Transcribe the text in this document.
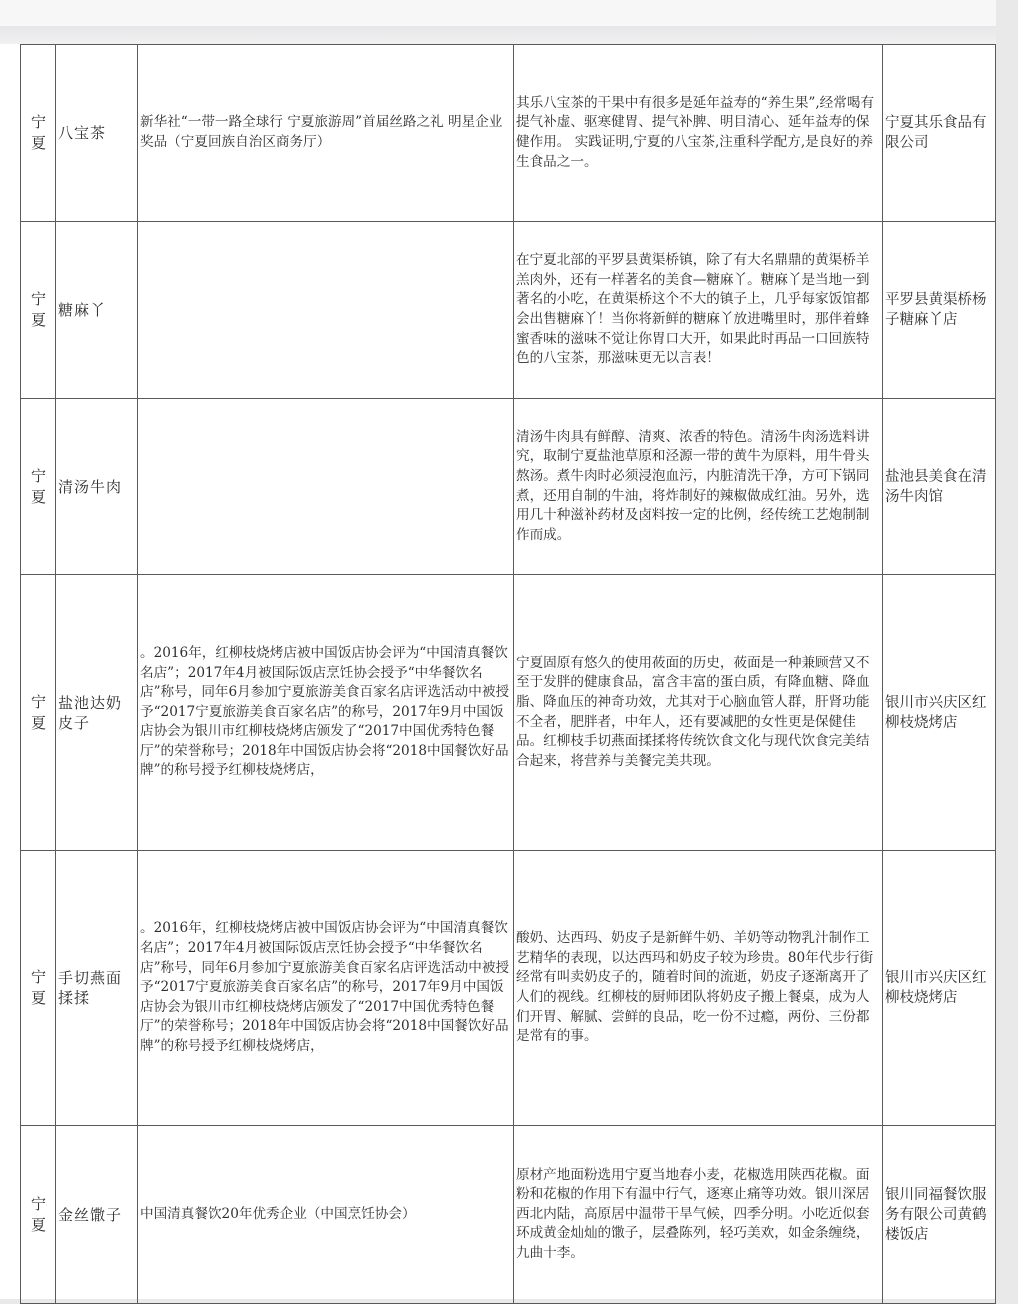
宁夏	八宝茶	新华社“一带一路全球行 宁夏旅游周”首届丝路之礼 明星企业奖品（宁夏回族自治区商务厅）	其乐八宝茶的干果中有很多是延年益寿的“养生果”,经常喝有提气补虚、驱寒健胃、提气补脾、明目清心、延年益寿的保健作用。 实践证明,宁夏的八宝茶,注重科学配方,是良好的养生食品之一。	宁夏其乐食品有限公司
宁夏	糖麻丫		在宁夏北部的平罗县黄渠桥镇，除了有大名鼎鼎的黄渠桥羊羔肉外，还有一样著名的美食—糖麻丫。糖麻丫是当地一到著名的小吃，在黄渠桥这个不大的镇子上，几乎每家饭馆都会出售糖麻丫！当你将新鲜的糖麻丫放进嘴里时，那伴着蜂蜜香味的滋味不觉让你胃口大开，如果此时再品一口回族特色的八宝茶，那滋味更无以言表！	平罗县黄渠桥杨子糖麻丫店
宁夏	清汤牛肉		清汤牛肉具有鲜醇、清爽、浓香的特色。清汤牛肉汤选料讲究，取制宁夏盐池草原和泾源一带的黄牛为原料，用牛骨头熬汤。煮牛肉时必须浸泡血污，内脏清洗干净，方可下锅同煮，还用自制的牛油，将炸制好的辣椒做成红油。另外，选用几十种滋补药材及卤料按一定的比例，经传统工艺炮制制作而成。	盐池县美食在清汤牛肉馆
宁夏	盐池达奶皮子	。2016年，红柳枝烧烤店被中国饭店协会评为“中国清真餐饮名店”；2017年4月被国际饭店烹饪协会授予“中华餐饮名店”称号，同年6月参加宁夏旅游美食百家名店评选活动中被授予“2017宁夏旅游美食百家名店”的称号，2017年9月中国饭店协会为银川市红柳枝烧烤店颁发了“2017中国优秀特色餐厅”的荣誉称号；2018年中国饭店协会将“2018中国餐饮好品牌”的称号授予红柳枝烧烤店，	宁夏固原有悠久的使用莜面的历史，莜面是一种兼顾营又不至于发胖的健康食品，富含丰富的蛋白质，有降血糖、降血脂、降血压的神奇功效，尤其对于心脑血管人群，肝肾功能不全者，肥胖者，中年人，还有要减肥的女性更是保健佳品。红柳枝手切燕面揉揉将传统饮食文化与现代饮食完美结合起来，将营养与美餐完美共现。	银川市兴庆区红柳枝烧烤店
宁夏	手切燕面揉揉	。2016年，红柳枝烧烤店被中国饭店协会评为“中国清真餐饮名店”；2017年4月被国际饭店烹饪协会授予“中华餐饮名店”称号，同年6月参加宁夏旅游美食百家名店评选活动中被授予“2017宁夏旅游美食百家名店”的称号，2017年9月中国饭店协会为银川市红柳枝烧烤店颁发了“2017中国优秀特色餐厅”的荣誉称号；2018年中国饭店协会将“2018中国餐饮好品牌”的称号授予红柳枝烧烤店，	酸奶、达西玛、奶皮子是新鲜牛奶、羊奶等动物乳汁制作工艺精华的表现，以达西玛和奶皮子较为珍贵。80年代步行街经常有叫卖奶皮子的，随着时间的流逝，奶皮子逐渐离开了人们的视线。红柳枝的厨师团队将奶皮子搬上餐桌，成为人们开胃、解腻、尝鲜的良品，吃一份不过瘾，两份、三份都是常有的事。	银川市兴庆区红柳枝烧烤店
宁夏	金丝馓子	中国清真餐饮20年优秀企业（中国烹饪协会）	原材产地面粉选用宁夏当地春小麦，花椒选用陕西花椒。面粉和花椒的作用下有温中行气，逐寒止痛等功效。银川深居西北内陆，高原居中温带干旱气候，四季分明。小吃近似套环成黄金灿灿的馓子，层叠陈列，轻巧美欢，如金条缠绕，九曲十李。	银川同福餐饮服务有限公司黄鹤楼饭店
